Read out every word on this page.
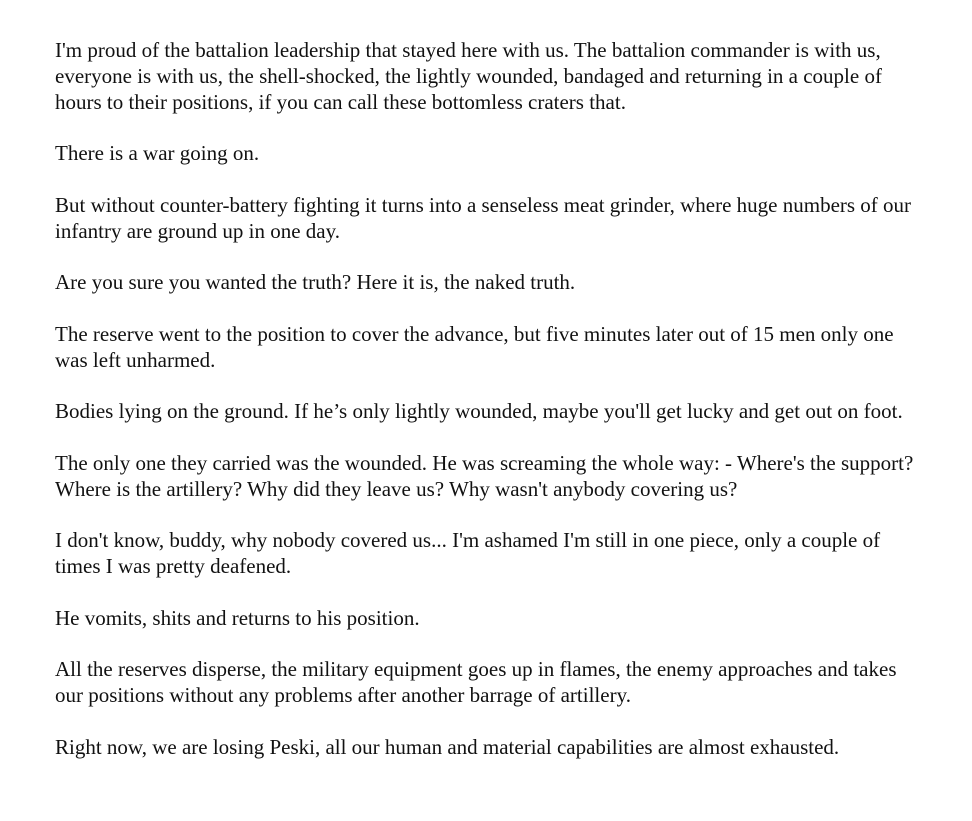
I'm proud of the battalion leadership that stayed here with us. The battalion commander is with us, everyone is with us, the shell-shocked, the lightly wounded, bandaged and returning in a couple of hours to their positions, if you can call these bottomless craters that.

There is a war going on.

But without counter-battery fighting it turns into a senseless meat grinder, where huge numbers of our infantry are ground up in one day.

Are you sure you wanted the truth? Here it is, the naked truth.

The reserve went to the position to cover the advance, but five minutes later out of 15 men only one was left unharmed.

Bodies lying on the ground. If he’s only lightly wounded, maybe you'll get lucky and get out on foot.

The only one they carried was the wounded. He was screaming the whole way: - Where's the support? Where is the artillery? Why did they leave us? Why wasn't anybody covering us?

I don't know, buddy, why nobody covered us... I'm ashamed I'm still in one piece, only a couple of times I was pretty deafened.

He vomits, shits and returns to his position.

All the reserves disperse, the military equipment goes up in flames, the enemy approaches and takes our positions without any problems after another barrage of artillery.

Right now, we are losing Peski, all our human and material capabilities are almost exhausted.
